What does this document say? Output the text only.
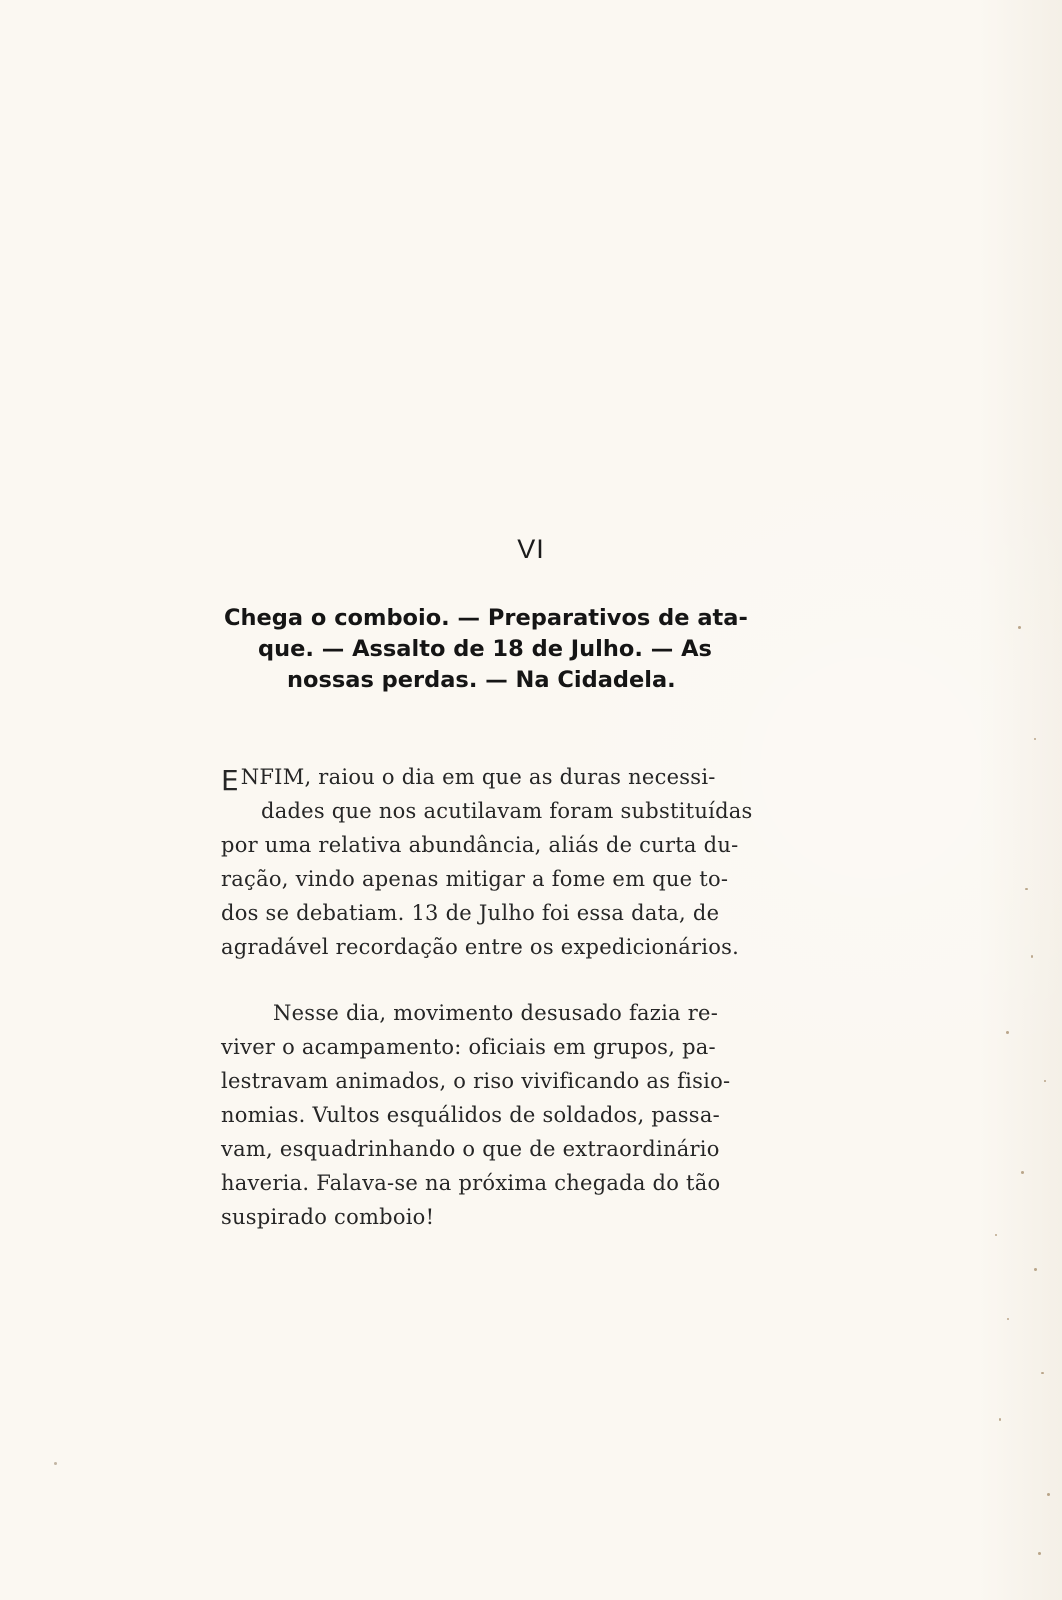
VI
Chega o comboio. — Preparativos de ata-
que. — Assalto de 18 de Julho. — As
nossas perdas. — Na Cidadela.
ENFIM, raiou o dia em que as duras necessi-
dades que nos acutilavam foram substituídas
por uma relativa abundância, aliás de curta du-
ração, vindo apenas mitigar a fome em que to-
dos se debatiam. 13 de Julho foi essa data, de
agradável recordação entre os expedicionários.
Nesse dia, movimento desusado fazia re-
viver o acampamento: oficiais em grupos, pa-
lestravam animados, o riso vivificando as fisio-
nomias. Vultos esquálidos de soldados, passa-
vam, esquadrinhando o que de extraordinário
haveria. Falava-se na próxima chegada do tão
suspirado comboio!
